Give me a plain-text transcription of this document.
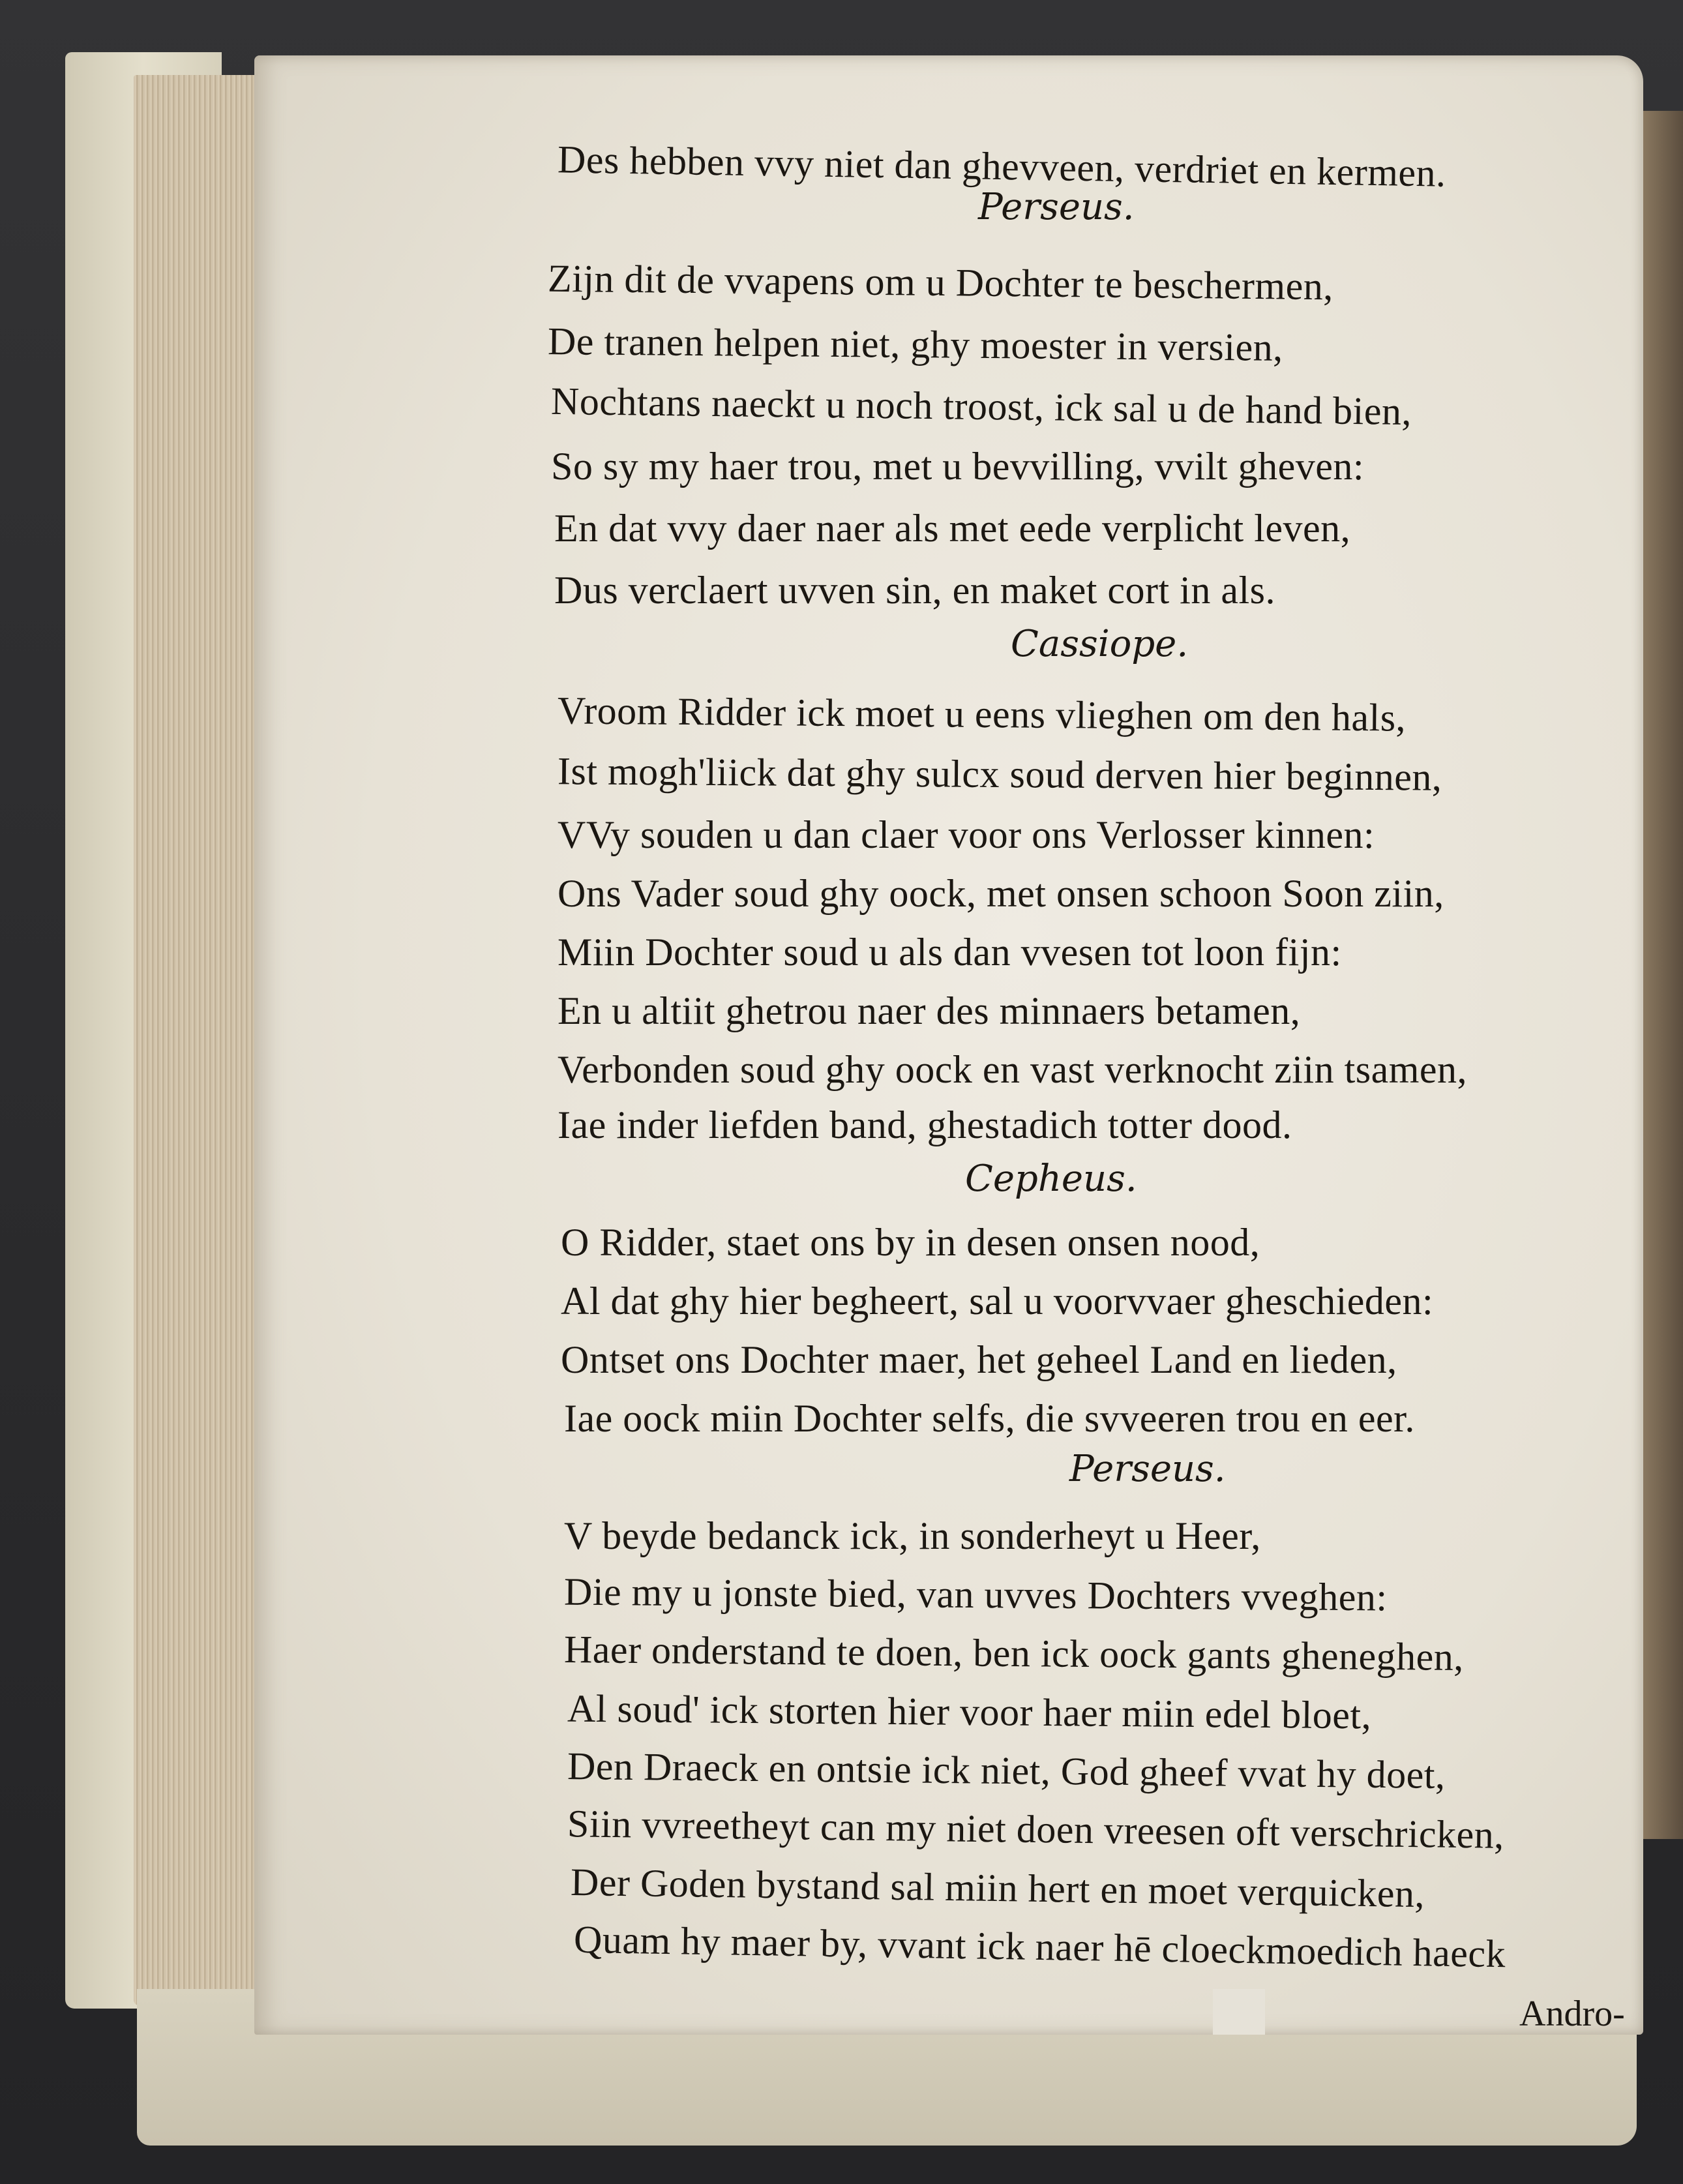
Des hebben vvy niet dan ghevveen, verdriet en kermen.
Perseus.
Zijn dit de vvapens om u Dochter te beschermen,
De tranen helpen niet, ghy moester in versien,
Nochtans naeckt u noch troost, ick sal u de hand bien,
So sy my haer trou, met u bevvilling, vvilt gheven:
En dat vvy daer naer als met eede verplicht leven,
Dus verclaert uvven sin, en maket cort in als.
Cassiope.
Vroom Ridder ick moet u eens vlieghen om den hals,
Ist mogh'liick dat ghy sulcx soud derven hier beginnen,
VVy souden u dan claer voor ons Verlosser kinnen:
Ons Vader soud ghy oock, met onsen schoon Soon ziin,
Miin Dochter soud u als dan vvesen tot loon fijn:
En u altiit ghetrou naer des minnaers betamen,
Verbonden soud ghy oock en vast verknocht ziin tsamen,
Iae inder liefden band, ghestadich totter dood.
Cepheus.
O Ridder, staet ons by in desen onsen nood,
Al dat ghy hier begheert, sal u voorvvaer gheschieden:
Ontset ons Dochter maer, het geheel Land en lieden,
Iae oock miin Dochter selfs, die svveeren trou en eer.
Perseus.
V beyde bedanck ick, in sonderheyt u Heer,
Die my u jonste bied, van uvves Dochters vveghen:
Haer onderstand te doen, ben ick oock gants gheneghen,
Al soud' ick storten hier voor haer miin edel bloet,
Den Draeck en ontsie ick niet, God gheef vvat hy doet,
Siin vvreetheyt can my niet doen vreesen oft verschricken,
Der Goden bystand sal miin hert en moet verquicken,
Quam hy maer by, vvant ick naer hē cloeckmoedich haeck
Andro-
